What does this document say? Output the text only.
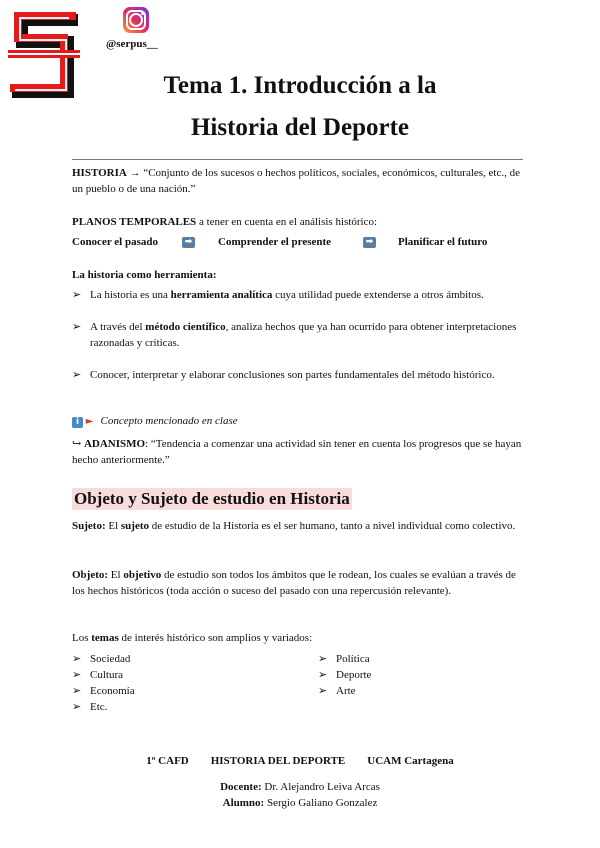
@serpus__
Tema 1. Introducción a la
Historia del Deporte
HISTORIA → “Conjunto de los sucesos o hechos políticos, sociales, económicos, culturales, etc., de un pueblo o de una nación.”
PLANOS TEMPORALES a tener en cuenta en el análisis histórico:
Conocer el pasado	➡ Comprender el presente	➡ Planificar el futuro
La historia como herramienta:
➢ La historia es una herramienta analítica cuya utilidad puede extenderse a otros ámbitos.
➢ A través del método científico, analiza hechos que ya han ocurrido para obtener interpretaciones razonadas y críticas.
➢ Conocer, interpretar y elaborar conclusiones son partes fundamentales del método histórico.
i ► Concepto mencionado en clase
↪ ADANISMO: “Tendencia a comenzar una actividad sin tener en cuenta los progresos que se hayan hecho anteriormente.”
Objeto y Sujeto de estudio en Historia
Sujeto: El sujeto de estudio de la Historia es el ser humano, tanto a nivel individual como colectivo.
Objeto: El objetivo de estudio son todos los ámbitos que le rodean, los cuales se evalúan a través de los hechos históricos (toda acción o suceso del pasado con una repercusión relevante).
Los temas de interés histórico son amplios y variados:
➢ Sociedad
➢ Cultura
➢ Economía
➢ Etc.
➢ Política
➢ Deporte
➢ Arte
1º CAFD HISTORIA DEL DEPORTE UCAM Cartagena
Docente: Dr. Alejandro Leiva Arcas
Alumno: Sergio Galiano Gonzalez
